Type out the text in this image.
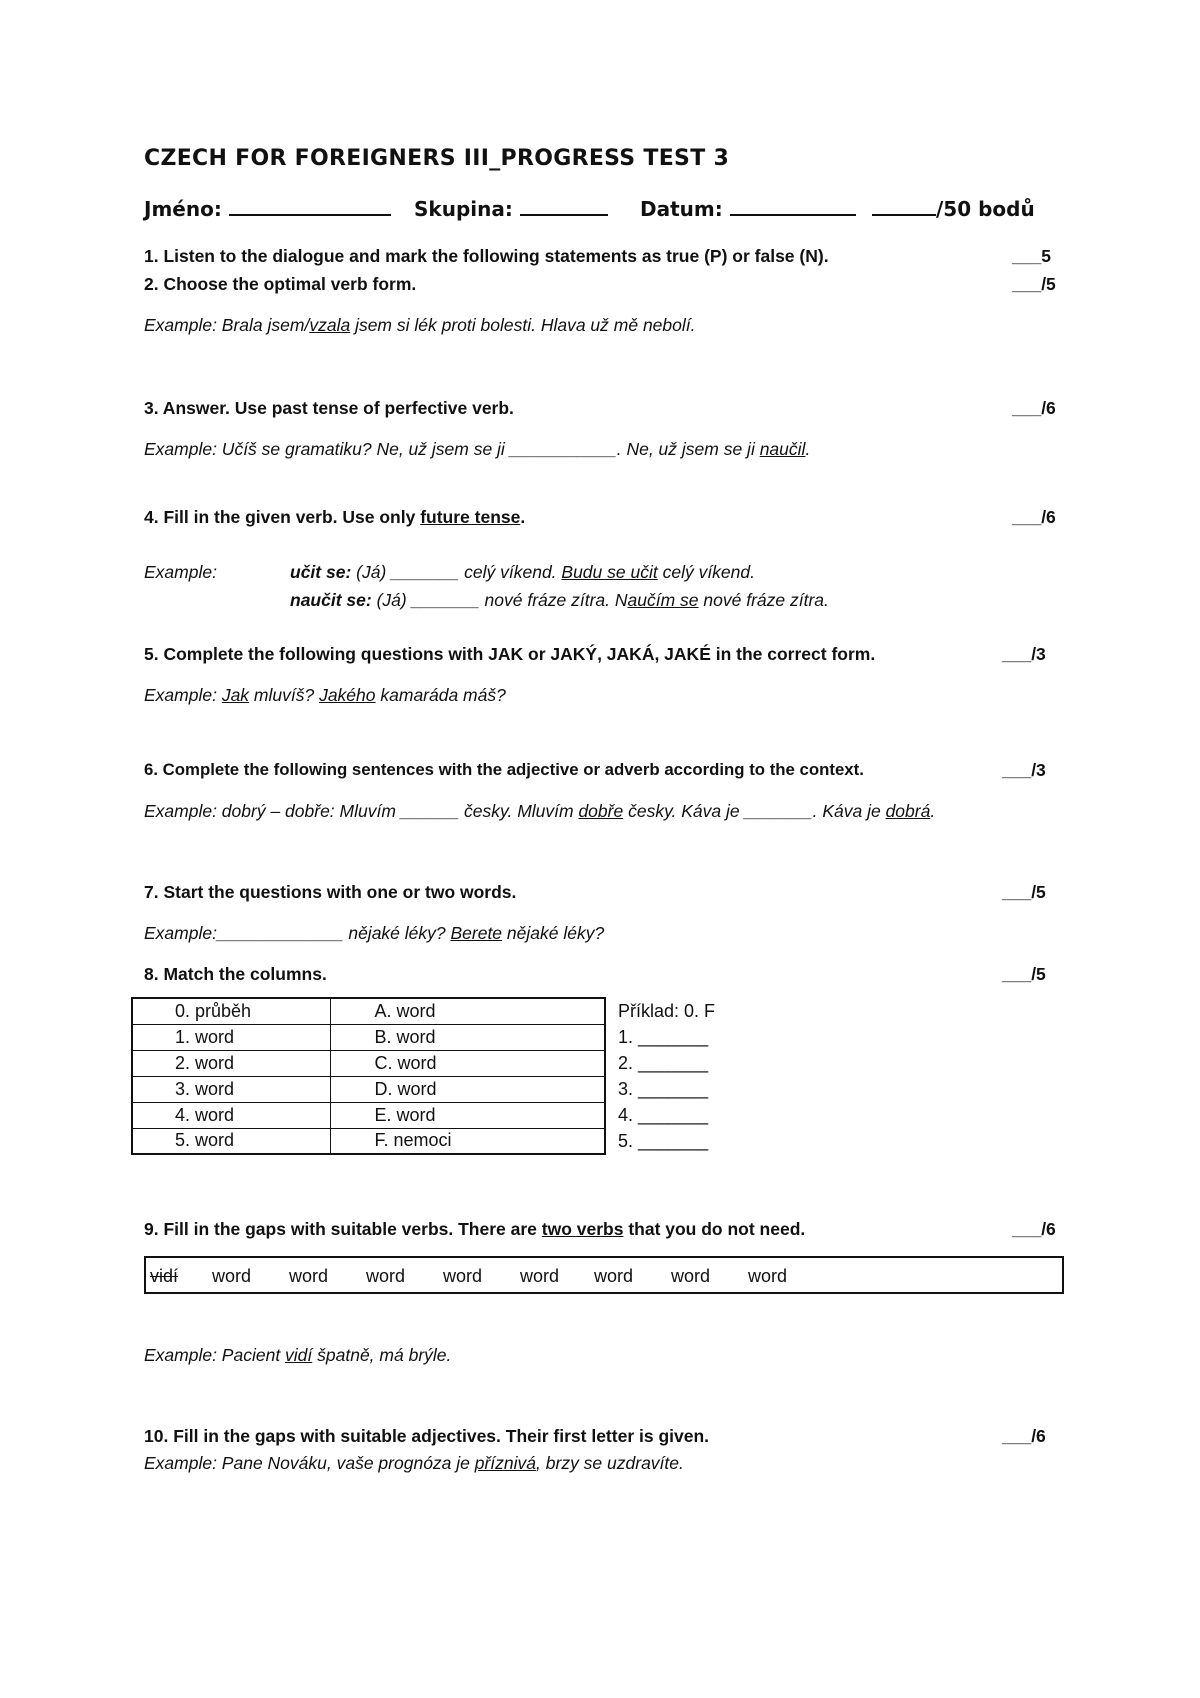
CZECH FOR FOREIGNERS III_PROGRESS TEST 3
Jméno:	Skupina:	Datum:	/50 bodů
1. Listen to the dialogue and mark the following statements as true (P) or false (N).	___5
2. Choose the optimal verb form.	___/5
Example: Brala jsem/vzala jsem si lék proti bolesti. Hlava už mě nebolí.
3. Answer. Use past tense of perfective verb.	___/6
Example: Učíš se gramatiku? Ne, už jsem se ji ___________. Ne, už jsem se ji naučil.
4. Fill in the given verb. Use only future tense.	___/6
Example:	učit se: (Já) _______ celý víkend. Budu se učit celý víkend.
naučit se: (Já) _______ nové fráze zítra. Naučím se nové fráze zítra.
5. Complete the following questions with JAK or JAKÝ, JAKÁ, JAKÉ in the correct form.	___/3
Example: Jak mluvíš? Jakého kamaráda máš?
6. Complete the following sentences with the adjective or adverb according to the context.	___/3
Example: dobrý – dobře: Mluvím ______ česky. Mluvím dobře česky. Káva je _______. Káva je dobrá.
7. Start the questions with one or two words.	___/5
Example:_____________ nějaké léky? Berete nějaké léky?
8. Match the columns.	___/5
0. průběh	A. word	Příklad: 0. F
1. word	B. word	1. _______
2. word	C. word	2. _______
3. word	D. word	3. _______
4. word	E. word	4. _______
5. word	F. nemoci	5. _______
9. Fill in the gaps with suitable verbs. There are two verbs that you do not need.	___/6
vidí word word word word word word word word
Example: Pacient vidí špatně, má brýle.
10. Fill in the gaps with suitable adjectives. Their first letter is given.	___/6
Example: Pane Nováku, vaše prognóza je příznivá, brzy se uzdravíte.
